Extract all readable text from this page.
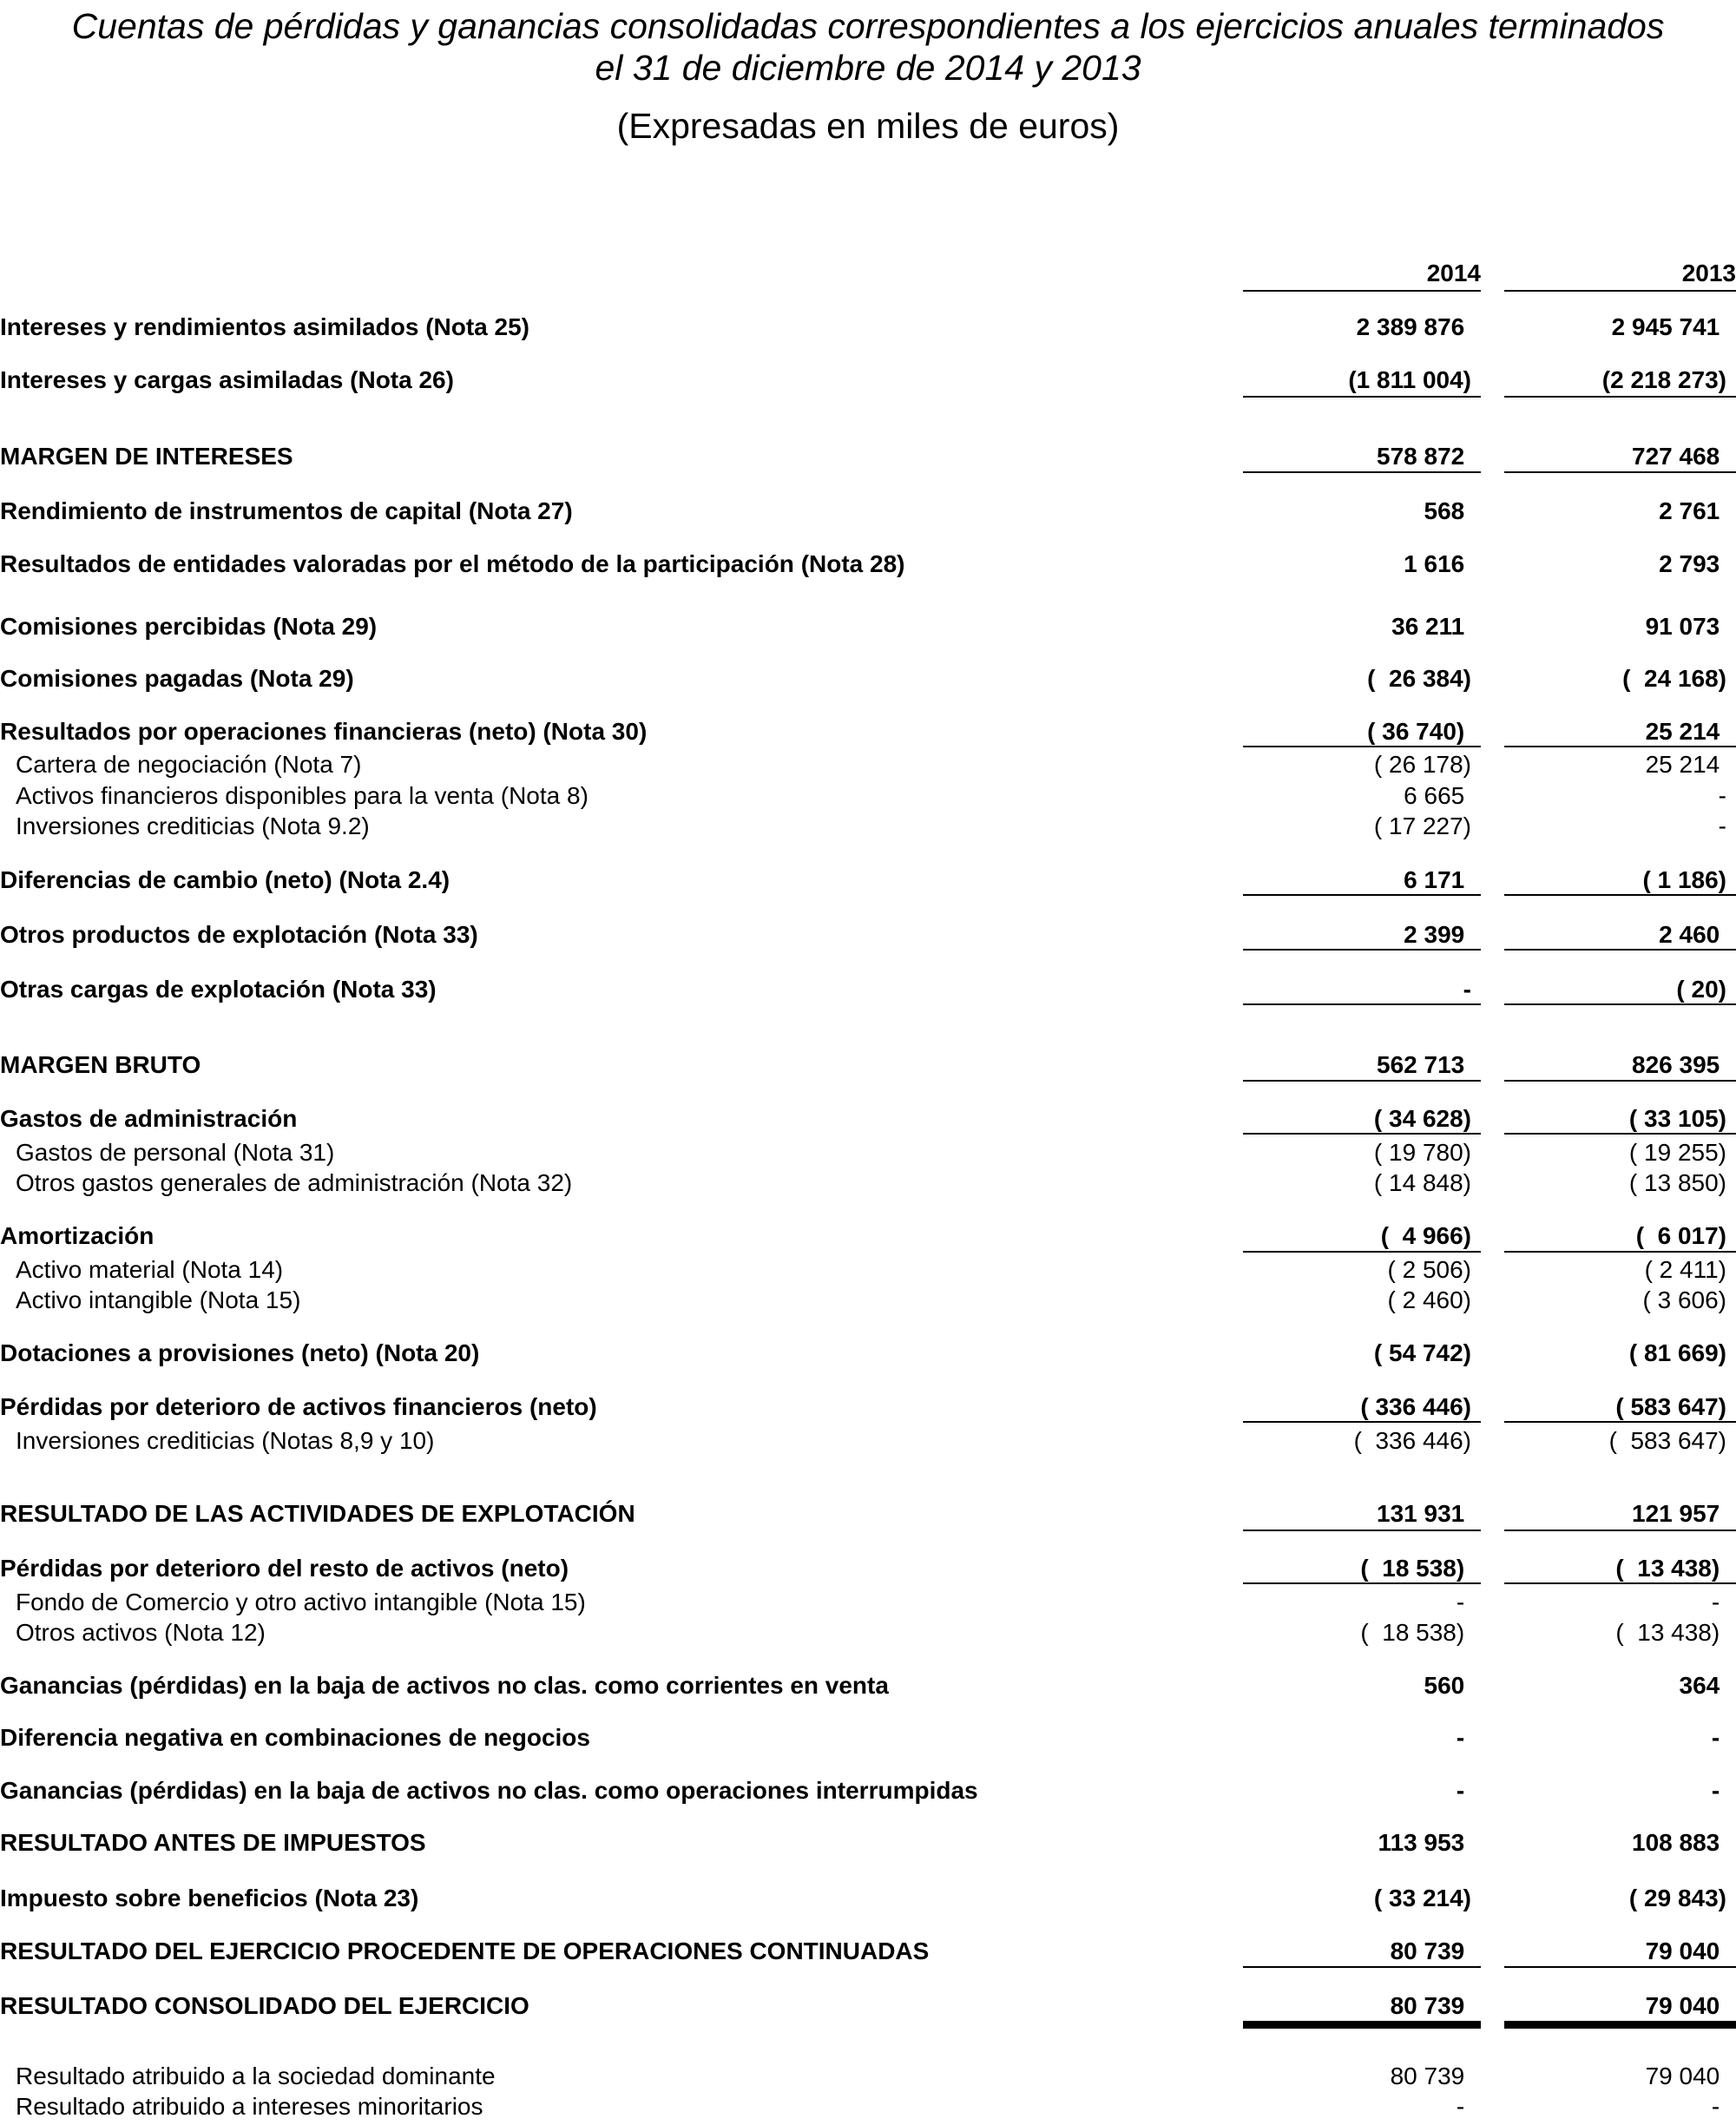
Cuentas de pérdidas y ganancias consolidadas correspondientes a los ejercicios anuales terminados
el 31 de diciembre de 2014 y 2013
(Expresadas en miles de euros)
2014	2013
Intereses y rendimientos asimilados (Nota 25)	2 389 876	2 945 741
Intereses y cargas asimiladas (Nota 26)	(1 811 004)	(2 218 273)
MARGEN DE INTERESES	578 872	727 468
Rendimiento de instrumentos de capital (Nota 27)	568	2 761
Resultados de entidades valoradas por el método de la participación (Nota 28)	1 616	2 793
Comisiones percibidas (Nota 29)	36 211	91 073
Comisiones pagadas (Nota 29)	(  26 384)	(  24 168)
Resultados por operaciones financieras (neto) (Nota 30)	( 36 740)	25 214
Cartera de negociación (Nota 7)	( 26 178)	25 214
Activos financieros disponibles para la venta (Nota 8)	6 665	-
Inversiones crediticias (Nota 9.2)	( 17 227)	-
Diferencias de cambio (neto) (Nota 2.4)	6 171	( 1 186)
Otros productos de explotación (Nota 33)	2 399	2 460
Otras cargas de explotación (Nota 33)	-	( 20)
MARGEN BRUTO	562 713	826 395
Gastos de administración	( 34 628)	( 33 105)
Gastos de personal (Nota 31)	( 19 780)	( 19 255)
Otros gastos generales de administración (Nota 32)	( 14 848)	( 13 850)
Amortización	(  4 966)	(  6 017)
Activo material (Nota 14)	( 2 506)	( 2 411)
Activo intangible (Nota 15)	( 2 460)	( 3 606)
Dotaciones a provisiones (neto) (Nota 20)	( 54 742)	( 81 669)
Pérdidas por deterioro de activos financieros (neto)	( 336 446)	( 583 647)
Inversiones crediticias (Notas 8,9 y 10)	(  336 446)	(  583 647)
RESULTADO DE LAS ACTIVIDADES DE EXPLOTACIÓN	131 931	121 957
Pérdidas por deterioro del resto de activos (neto)	(  18 538)	(  13 438)
Fondo de Comercio y otro activo intangible (Nota 15)	-	-
Otros activos (Nota 12)	(  18 538)	(  13 438)
Ganancias (pérdidas) en la baja de activos no clas. como corrientes en venta	560	364
Diferencia negativa en combinaciones de negocios	-	-
Ganancias (pérdidas) en la baja de activos no clas. como operaciones interrumpidas	-	-
RESULTADO ANTES DE IMPUESTOS	113 953	108 883
Impuesto sobre beneficios (Nota 23)	( 33 214)	( 29 843)
RESULTADO DEL EJERCICIO PROCEDENTE DE OPERACIONES CONTINUADAS	80 739	79 040
RESULTADO CONSOLIDADO DEL EJERCICIO	80 739	79 040
Resultado atribuido a la sociedad dominante	80 739	79 040
Resultado atribuido a intereses minoritarios	-	-
